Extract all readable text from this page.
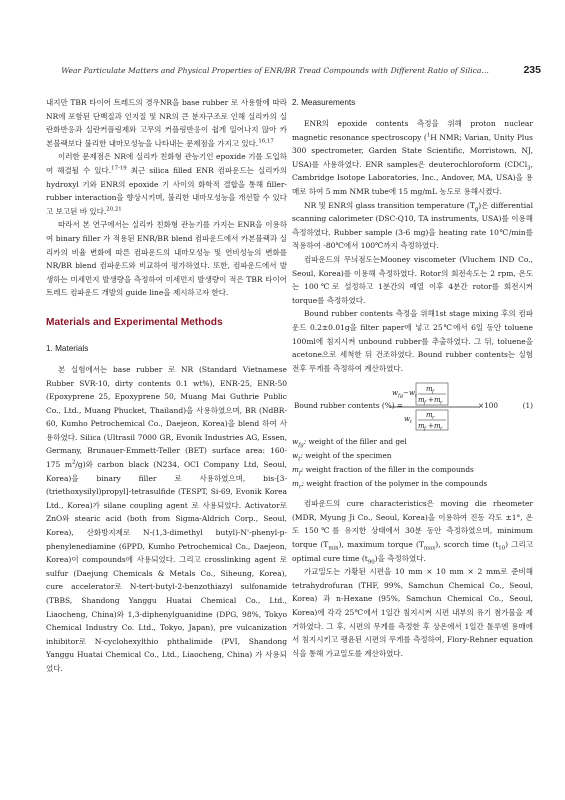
Wear Particulate Matters and Physical Properties of ENR/BR Tread Compounds with Different Ratio of Silica…	235

내지만 TBR 타이어 트레드의 경우NR을 base rubber 로 사용함에 따라 NR에 포함된 단백질과 인지질 및 NR의 큰 분자구조로 인해 실리카의 실란화반응과 실란커플링제와 고무의 커플링반응이 쉽게 일어나지 않아 카본블랙보다 불리한 내마모성능을 나타내는 문제점을 가지고 있다.$^{16,17}$

이러한 문제점은 NR에 실리카 친화형 관능기인 epoxide 기를 도입하여 해결될 수 있다.$^{17-19}$ 최근 silica filled ENR 컴파운드는 실리카의 hydroxyl 기와 ENR의 epoxide 기 사이의 화학적 결합을 통해 filler-rubber interaction을 향상시키며, 불리한 내마모성능을 개선할 수 있다고 보고된 바 있다.$^{20,21}$

따라서 본 연구에서는 실리카 친화형 관능기를 가지는 ENR을 이용하여 binary filler 가 적용된 ENR/BR blend 컴파운드에서 카본블랙과 실리카의 비율 변화에 따른 컴파운드의 내마모성능 및 연비성능의 변화를 NR/BR blend 컴파운드와 비교하여 평가하였다. 또한, 컴파운드에서 발생하는 미세먼지 발생량을 측정하여 미세먼지 발생량이 적은 TBR 타이어 트레드 컴파운드 개발의 guide line을 제시하고자 한다.

Materials and Experimental Methods
1. Materials

본 실험에서는 base rubber 로 NR (Standard Vietnamese Rubber SVR-10, dirty contents 0.1 wt%), ENR-25, ENR-50 (Epoxyprene 25, Epoxyprene 50, Muang Mai Guthrie Public Co., Ltd., Muang Phucket, Thailand)을 사용하였으며, BR (NdBR-60, Kumho Petrochemical Co., Daejeon, Korea)을 blend 하여 사용하였다. Silica (Ultrasil 7000 GR, Evonik Industries AG, Essen, Germany, Brunauer-Emmett-Teller (BET) surface area: 160-175 $m^2/g$)와 carbon black (N234, OCI Company Ltd, Seoul, Korea)을 binary filler 로 사용하였으며, bis-[3-(triethoxysilyl)propyl]-tetrasulfide (TESPT, Si-69, Evonik Korea Ltd., Korea)가 silane coupling agent 로 사용되었다. Activator로 ZnO와 stearic acid (both from Sigma-Aldrich Corp., Seoul, Korea), 산화방지제로 N-(1,3-dimethyl butyl)-N'-phenyl-p-phenylenediamine (6PPD, Kumho Petrochemical Co., Daejeon, Korea)이 compounds에 사용되었다. 그리고 crosslinking agent 로 sulfur (Daejung Chemicals & Metals Co., Siheung, Korea), cure accelerator로 N-tert-butyl-2-benzothiazyl sulfonamide (TBBS, Shandong Yanggu Huatai Chemical Co., Ltd., Liaocheng, China)와 1,3-diphenylguanidine (DPG, 98%, Tokyo Chemical Industry Co. Ltd., Tokyo, Japan), pre vulcanization inhibitor로 N-cyclohexylthio phthalimide (PVI, Shandong Yanggu Huatai Chemical Co., Ltd., Liaocheng, China) 가 사용되었다.

2. Measurements

ENR의 epoxide contents 측정을 위해 proton nuclear magnetic resonance spectroscopy ($^1$H NMR; Varian, Unity Plus 300 spectrometer, Garden State Scientific, Morristown, NJ, USA)를 사용하였다. ENR samples은 deuterochloroform (CDCl$_3$, Cambridge Isotope Laboratories, Inc., Andover, MA, USA)을 용매로 하여 5 mm NMR tube에 15 mg/mL 농도로 용해시켰다.

NR 및 ENR의 glass transition temperature $(T_g)$은 differential scanning calorimeter (DSC-Q10, TA instruments, USA)를 이용해 측정하였다. Rubber sample (3-6 mg)을 heating rate 10℃/min를 적용하여 -80℃에서 100℃까지 측정하였다.

컴파운드의 무늬점도는Mooney viscometer (Vluchem IND Co., Seoul, Korea)를 이용해 측정하였다. Rotor의 회전속도는 2 rpm, 온도는 100℃로 설정하고 1분간의 예열 이후 4분간 rotor를 회전시켜 torque를 측정하였다.

Bound rubber contents 측정을 위해1st stage mixing 후의 컴파운드 0.2±0.01g을 filter paper에 넣고 25℃에서 6일 동안 toluene 100ml에 침지시켜 unbound rubber를 추출하였다. 그 뒤, toluene을 acetone으로 세척한 뒤 건조하였다. Bound rubber contents는 실험 전후 무게를 측정하여 계산하였다.

Bound rubber contents (%) =
m f
m f + m r
w fg − w t
w t
m r
m f + m r
×100	(1)
$w_{fg}$: weight of the filler and gel
$w_t$: weight of the specimen
$m_f$: weight fraction of the filler in the compounds
$m_r$: weight fraction of the polymer in the compounds

컴파운드의 cure characteristics은 moving die rheometer (MDR, Myung Ji Co., Seoul, Korea)을 이용하여 진동 각도 ±1°, 온도 150℃를 유지한 상태에서 30분 동안 측정하였으며, minimum torque $(T_{min})$, maximum torque $(T_{max})$, scorch time $(t_{10})$ 그리고 optimal cure time $(t_{90})$을 측정하였다.

가교밀도는 가황된 시편을 10 mm × 10 mm × 2 mm로 준비해 tetrahydrofuran (THF, 99%, Samchun Chemical Co., Seoul, Korea) 과 n-Hexane (95%, Samchun Chemical Co., Seoul, Korea)에 각각 25℃에서 1일간 침지시켜 시편 내부의 유기 첨가물을 제거하였다. 그 후, 시편의 무게를 측정한 후 상온에서 1일간 톨루엔 용매에서 침지시키고 팽윤된 시편의 무게를 측정하여, Flory-Rehner equation 식을 통해 가교밀도를 계산하였다.
